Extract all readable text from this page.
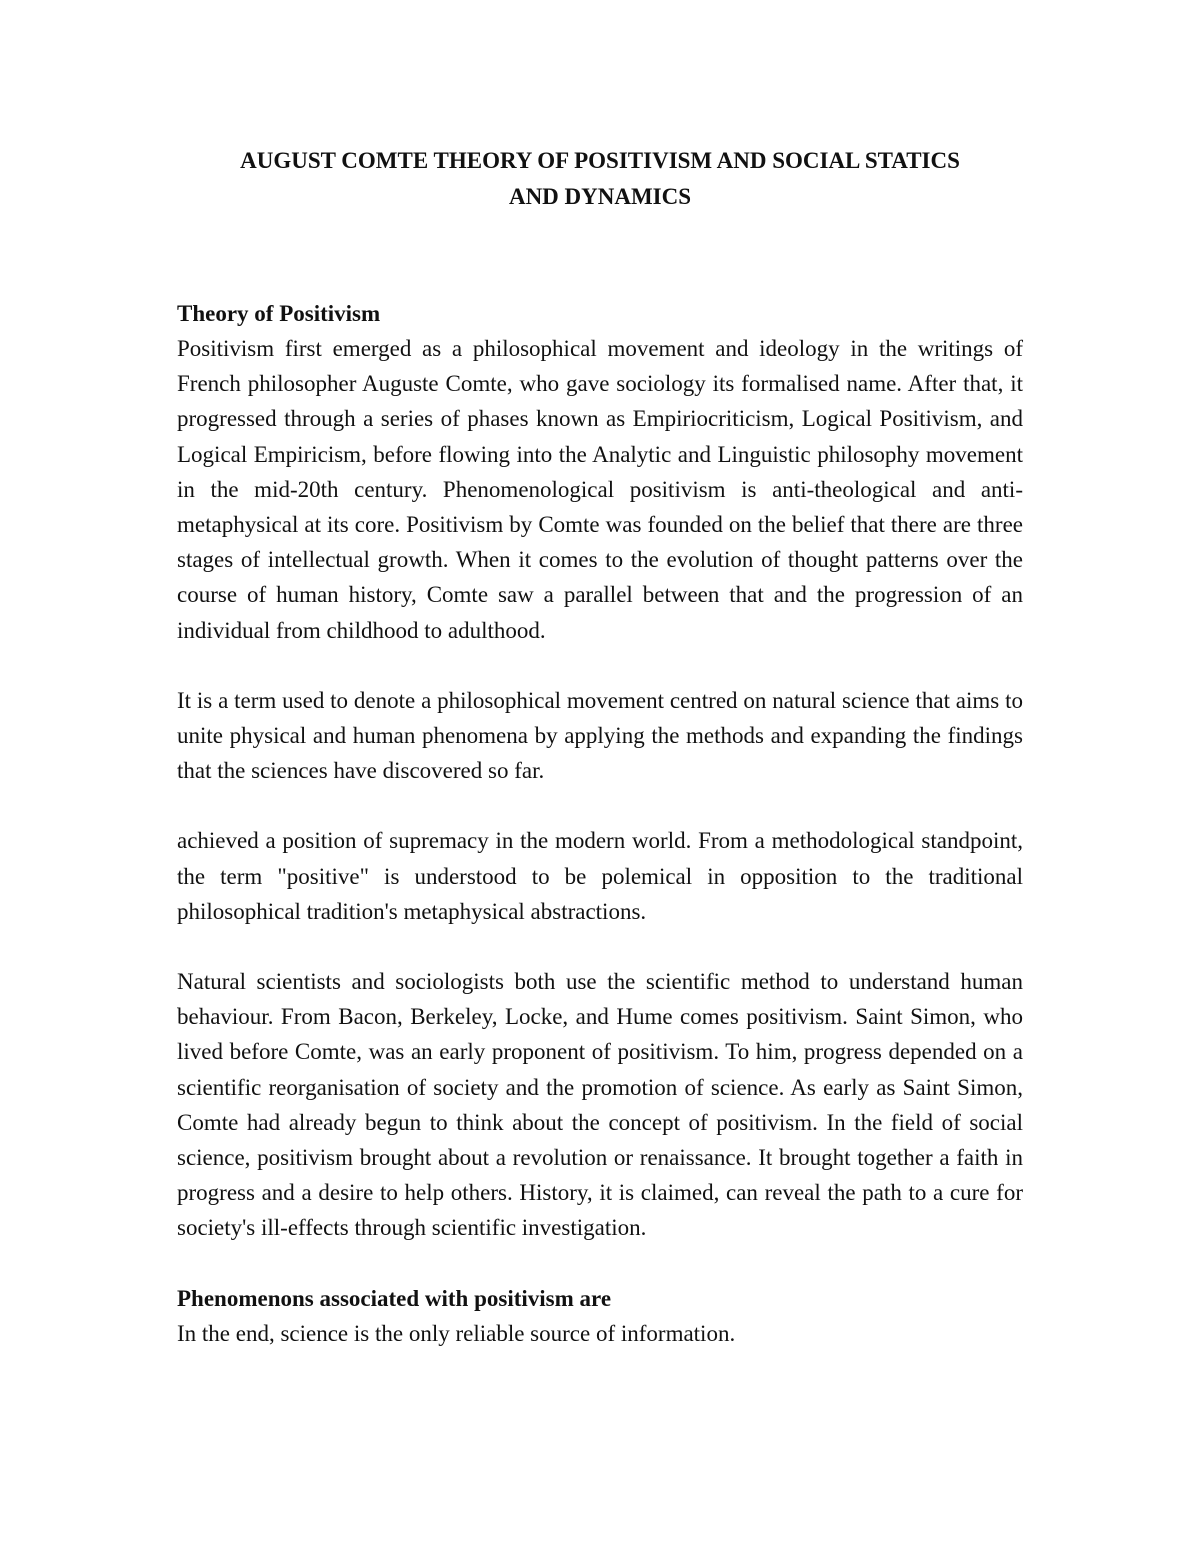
AUGUST COMTE THEORY OF POSITIVISM AND SOCIAL STATICS
AND DYNAMICS
Theory of Positivism

Positivism first emerged as a philosophical movement and ideology in the writings of French philosopher Auguste Comte, who gave sociology its formalised name. After that, it progressed through a series of phases known as Empiriocriticism, Logical Positivism, and Logical Empiricism, before flowing into the Analytic and Linguistic philosophy movement in the mid-20th century. Phenomenological positivism is anti-theological and anti-metaphysical at its core. Positivism by Comte was founded on the belief that there are three stages of intellectual growth. When it comes to the evolution of thought patterns over the course of human history, Comte saw a parallel between that and the progression of an individual from childhood to adulthood.

It is a term used to denote a philosophical movement centred on natural science that aims to unite physical and human phenomena by applying the methods and expanding the findings that the sciences have discovered so far.

achieved a position of supremacy in the modern world. From a methodological standpoint, the term "positive" is understood to be polemical in opposition to the traditional philosophical tradition's metaphysical abstractions.

Natural scientists and sociologists both use the scientific method to understand human behaviour. From Bacon, Berkeley, Locke, and Hume comes positivism. Saint Simon, who lived before Comte, was an early proponent of positivism. To him, progress depended on a scientific reorganisation of society and the promotion of science. As early as Saint Simon, Comte had already begun to think about the concept of positivism. In the field of social science, positivism brought about a revolution or renaissance. It brought together a faith in progress and a desire to help others. History, it is claimed, can reveal the path to a cure for society's ill-effects through scientific investigation.

Phenomenons associated with positivism are

In the end, science is the only reliable source of information.
